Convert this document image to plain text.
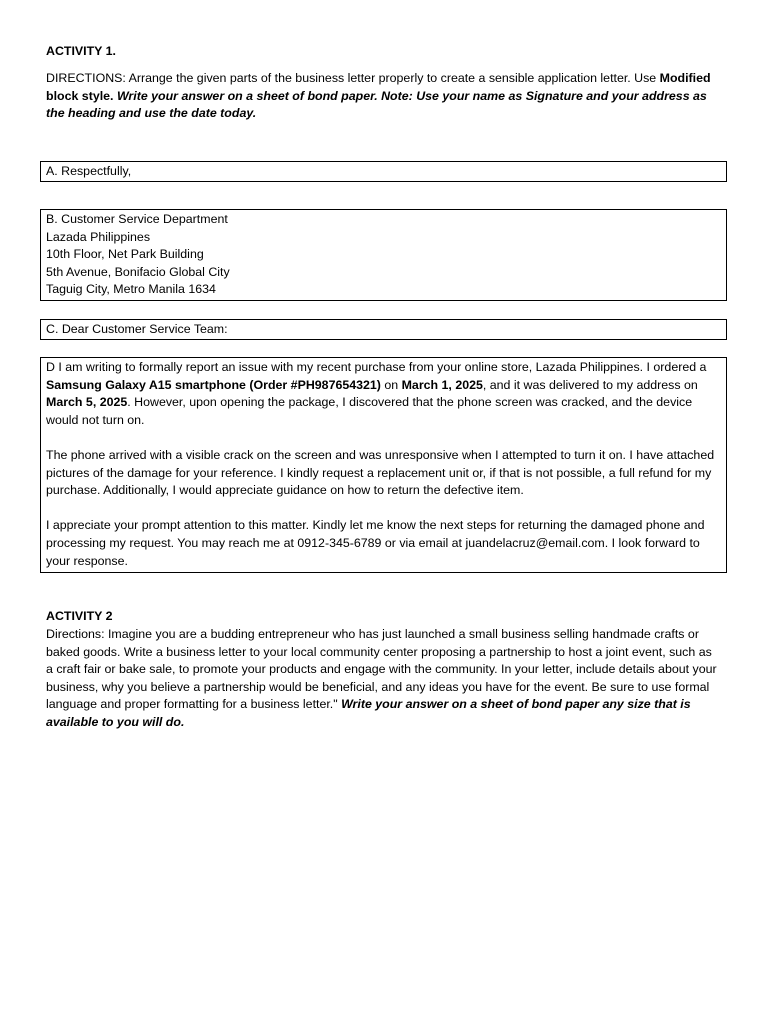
ACTIVITY 1.
DIRECTIONS: Arrange the given parts of the business letter properly to create a sensible application letter. Use Modified block style. Write your answer on a sheet of bond paper. Note: Use your name as Signature and your address as the heading and use the date today.

A. Respectfully,

B. Customer Service Department

Lazada Philippines

10th Floor, Net Park Building

5th Avenue, Bonifacio Global City

Taguig City, Metro Manila 1634

C. Dear Customer Service Team:

D I am writing to formally report an issue with my recent purchase from your online store, Lazada Philippines. I ordered a Samsung Galaxy A15 smartphone (Order #PH987654321) on March 1, 2025, and it was delivered to my address on March 5, 2025. However, upon opening the package, I discovered that the phone screen was cracked, and the device would not turn on.

The phone arrived with a visible crack on the screen and was unresponsive when I attempted to turn it on. I have attached pictures of the damage for your reference. I kindly request a replacement unit or, if that is not possible, a full refund for my purchase. Additionally, I would appreciate guidance on how to return the defective item.

I appreciate your prompt attention to this matter. Kindly let me know the next steps for returning the damaged phone and processing my request. You may reach me at 0912-345-6789 or via email at juandelacruz@email.com. I look forward to your response.

ACTIVITY 2
Directions: Imagine you are a budding entrepreneur who has just launched a small business selling handmade crafts or baked goods. Write a business letter to your local community center proposing a partnership to host a joint event, such as a craft fair or bake sale, to promote your products and engage with the community. In your letter, include details about your business, why you believe a partnership would be beneficial, and any ideas you have for the event. Be sure to use formal language and proper formatting for a business letter." Write your answer on a sheet of bond paper any size that is available to you will do.
